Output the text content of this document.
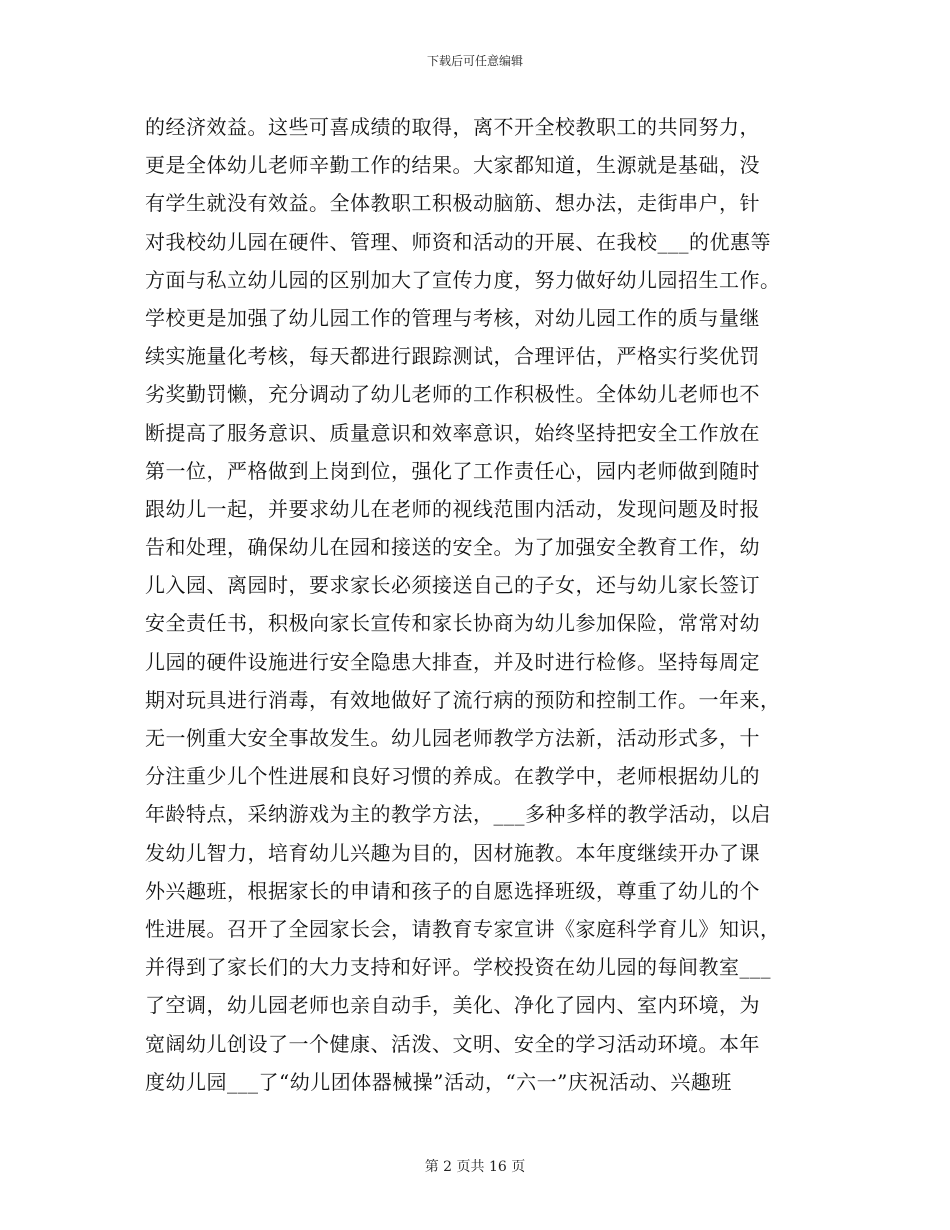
下载后可任意编辑
的经济效益。这些可喜成绩的取得，离不开全校教职工的共同努力，
更是全体幼儿老师辛勤工作的结果。大家都知道，生源就是基础，没
有学生就没有效益。全体教职工积极动脑筋、想办法，走街串户，针
对我校幼儿园在硬件、管理、师资和活动的开展、在我校___的优惠等
方面与私立幼儿园的区别加大了宣传力度，努力做好幼儿园招生工作。
学校更是加强了幼儿园工作的管理与考核，对幼儿园工作的质与量继
续实施量化考核，每天都进行跟踪测试，合理评估，严格实行奖优罚
劣奖勤罚懒，充分调动了幼儿老师的工作积极性。全体幼儿老师也不
断提高了服务意识、质量意识和效率意识，始终坚持把安全工作放在
第一位，严格做到上岗到位，强化了工作责任心，园内老师做到随时
跟幼儿一起，并要求幼儿在老师的视线范围内活动，发现问题及时报
告和处理，确保幼儿在园和接送的安全。为了加强安全教育工作，幼
儿入园、离园时，要求家长必须接送自己的子女，还与幼儿家长签订
安全责任书，积极向家长宣传和家长协商为幼儿参加保险，常常对幼
儿园的硬件设施进行安全隐患大排查，并及时进行检修。坚持每周定
期对玩具进行消毒，有效地做好了流行病的预防和控制工作。一年来，
无一例重大安全事故发生。幼儿园老师教学方法新，活动形式多，十
分注重少儿个性进展和良好习惯的养成。在教学中，老师根据幼儿的
年龄特点，采纳游戏为主的教学方法，___多种多样的教学活动，以启
发幼儿智力，培育幼儿兴趣为目的，因材施教。本年度继续开办了课
外兴趣班，根据家长的申请和孩子的自愿选择班级，尊重了幼儿的个
性进展。召开了全园家长会，请教育专家宣讲《家庭科学育儿》知识，
并得到了家长们的大力支持和好评。学校投资在幼儿园的每间教室___
了空调，幼儿园老师也亲自动手，美化、净化了园内、室内环境，为
宽阔幼儿创设了一个健康、活泼、文明、安全的学习活动环境。本年
度幼儿园___了“幼儿团体器械操”活动，“六一”庆祝活动、兴趣班
第 2 页共 16 页
